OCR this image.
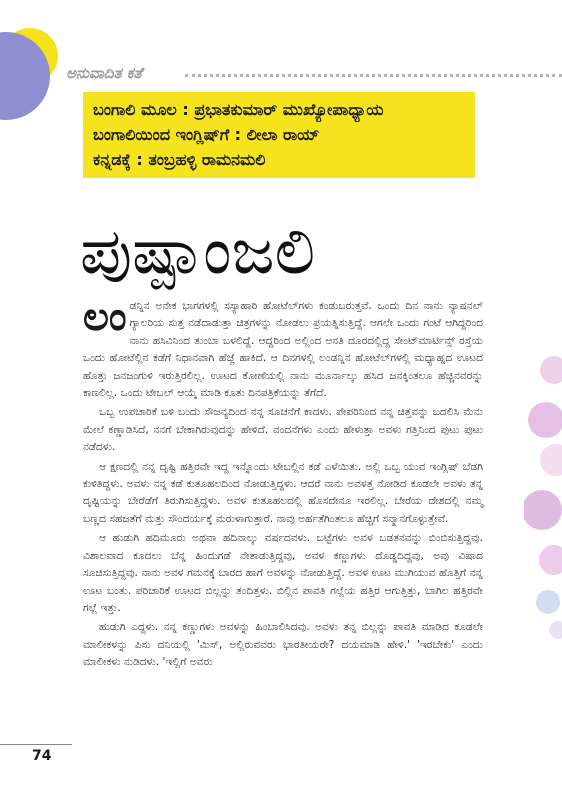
ಅನುವಾದಿತ ಕತೆ
ಬಂಗಾಲಿ ಮೂಲ : ಪ್ರಭಾತಕುಮಾರ್ ಮುಖ್ಯೋಪಾಧ್ಯಾಯ
ಬಂಗಾಲಿಯಿಂದ ಇಂಗ್ಲಿಷ್‌ಗೆ : ಲೀಲಾ ರಾಯ್
ಕನ್ನಡಕ್ಕೆ : ತಂಬ್ರಹಳ್ಳಿ ರಾಮನಮಲಿ
ಪುಷ್ಪಾಂಜಲಿ

ಲಂ ಡನ್ನಿನ ಅನೇಕ ಭಾಗಗಳಲ್ಲಿ ಸಸ್ಯಾಹಾರಿ ಹೋಟೆಲ್‌ಗಳು ಕಂಡುಬರುತ್ತವೆ. ಒಂದು ದಿನ ನಾನು ನ್ಯಾಷನಲ್ ಗ್ಯಾಲರಿಯ ಸುತ್ತ ನಡೆದಾಡುತ್ತಾ ಚಿತ್ರಗಳನ್ನು ನೋಡಲು ಪ್ರಯತ್ನಿಸುತ್ತಿದ್ದೆ. ಆಗಲೇ ಒಂದು ಗಂಟೆ ಆಗಿದ್ದರಿಂದ ನಾನು ಹಸಿವಿನಿಂದ ತುಂಬಾ ಬಳಲಿದ್ದೆ. ಆದ್ದರಿಂದ ಅಲ್ಲಿಂದ ಅನತಿ ದೂರದಲ್ಲಿದ್ದ ಸೇಂಟ್‌ಮಾರ್ಟಿನ್ಸ್ ರಸ್ತೆಯ ಒಂದು ಹೋಟೆಲ್ಲಿನ ಕಡೆಗೆ ನಿಧಾನವಾಗಿ ಹೆಜ್ಜೆ ಹಾಕಿದೆ. ಆ ದಿನಗಳಲ್ಲಿ ಲಂಡನ್ನಿನ ಹೋಟೆಲ್‌ಗಳಲ್ಲಿ ಮಧ್ಯಾಹ್ನದ ಊಟದ ಹೊತ್ತು ಜನಜಂಗುಳಿ ಇರುತ್ತಿರಲಿಲ್ಲ. ಊಟದ ಕೋಣೆಯಲ್ಲಿ ನಾನು ಮೂರ್ನಾಲ್ಕು ಹಸಿದ ಜನಕ್ಕಿಂತಲೂ ಹೆಚ್ಚಿನವರನ್ನು ಕಾಣಲಿಲ್ಲ. ಒಂದು ಟೇಬಲ್ ಆಯ್ಕೆ ಮಾಡಿ ಕೂತು ದಿನಪತ್ರಿಕೆಯನ್ನು ತೆಗೆದೆ.

ಒಬ್ಬ ಉಪಚಾರಿಕೆ ಬಳಿ ಬಂದು ಸೌಜನ್ಯದಿಂದ ನನ್ನ ಸೂಚನೆಗೆ ಕಾದಳು. ಪೇಪರಿನಿಂದ ನನ್ನ ಚಿತ್ತವನ್ನು ಬದಲಿಸಿ ಮೆನು ಮೇಲೆ ಕಣ್ಣಾಡಿಸಿದೆ, ನನಗೆ ಬೇಕಾಗಿರುವುದನ್ನು ಹೇಳಿದೆ. ವಂದನೆಗಳು ಎಂದು ಹೇಳುತ್ತಾ ಅವಳು ಗತ್ತಿನಿಂದ ಪುಟು ಪುಟು ನಡೆದಳು.

ಆ ಕ್ಷಣದಲ್ಲಿ ನನ್ನ ದೃಷ್ಟಿ ಹತ್ತಿರವೇ ಇದ್ದ ಇನ್ನೊಂದು ಟೇಬಲ್ಲಿನ ಕಡೆ ಎಳೆಯಿತು. ಅಲ್ಲಿ ಒಬ್ಬ ಯುವ ಇಂಗ್ಲಿಷ್ ಬೆಡಗಿ ಕುಳಿತಿದ್ದಳು. ಅವಳು ನನ್ನ ಕಡೆ ಕುತೂಹಲದಿಂದ ನೋಡುತ್ತಿದ್ದಳು. ಆದರೆ ನಾನು ಅವಳತ್ತ ನೋಡಿದ ಕೂಡಲೇ ಅವಳು ತನ್ನ ದೃಷ್ಟಿಯನ್ನು ಬೇರೆಡೆಗೆ ತಿರುಗಿಸುತ್ತಿದ್ದಳು. ಅವಳ ಕುತೂಹಲದಲ್ಲಿ ಹೊಸದೇನೂ ಇರಲಿಲ್ಲ. ಬೇರೆಯ ದೇಶದಲ್ಲಿ ನಮ್ಮ ಬಣ್ಣದ ಸಹಜತೆಗೆ ಮತ್ತು ಸೌಂದರ್ಯಕ್ಕೆ ಮರುಳಾಗುತ್ತಾರೆ. ನಾವು ಅರ್ಹತೆಗಿಂತಲೂ ಹೆಚ್ಚಿಗೆ ಸನ್ಮಾನಗೊಳ್ಳುತ್ತೇವೆ.

ಆ ಹುಡುಗಿ ಹದಿಮೂರು ಅಥವಾ ಹದಿನಾಲ್ಕು ವರ್ಷದವಳು. ಬಟ್ಟೆಗಳು ಅವಳ ಬಡತನವನ್ನು ಬಿಂಬಿಸುತ್ತಿದ್ದವು. ವಿಶಾಲವಾದ ಕೂದಲು ಬೆನ್ನ ಹಿಂದುಗಡೆ ನೇತಾಡುತ್ತಿದ್ದವು, ಅವಳ ಕಣ್ಣುಗಳು ದೊಡ್ಡದಿದ್ದವು, ಅವು ವಿಷಾದ ಸೂಚಿಸುತ್ತಿದ್ದವು. ನಾನು ಅವಳ ಗಮನಕ್ಕೆ ಬಾರದ ಹಾಗೆ ಅವಳನ್ನು ನೋಡುತ್ತಿದ್ದೆ. ಅವಳ ಊಟ ಮುಗಿಯುವ ಹೊತ್ತಿಗೆ ನನ್ನ ಊಟ ಬಂತು. ಪರಿಚಾರಿಕೆ ಊಟದ ಬಿಲ್ಲನ್ನು ತಂದಿತ್ತಳು. ಬಿಲ್ಲಿನ ಪಾವತಿ ಗಲ್ಲೆಯ ಹತ್ತಿರ ಆಗುತ್ತಿತ್ತು, ಬಾಗಿಲ ಹತ್ತಿರವೇ ಗಲ್ಲೆ ಇತ್ತು.

ಹುಡುಗಿ ಎದ್ದಳು. ನನ್ನ ಕಣ್ಣುಗಳು ಅವಳನ್ನು ಹಿಂಬಾಲಿಸಿದವು. ಅವಳು ತನ್ನ ಬಿಲ್ಲನ್ನು ಪಾವತಿ ಮಾಡಿದ ಕೂಡಲೇ ಮಾಲೀಕಳನ್ನು ಪಿಸು ದನಿಯಲ್ಲಿ 'ಮಿಸ್, ಅಲ್ಲಿರುವವರು ಭಾರತೀಯರೇ? ದಯಮಾಡಿ ಹೇಳಿ.' 'ಇರಬೇಕು' ಎಂದು ಮಾಲೀಕಳು ನುಡಿದಳು. 'ಇಲ್ಲಿಗೆ ಅವರು

74
